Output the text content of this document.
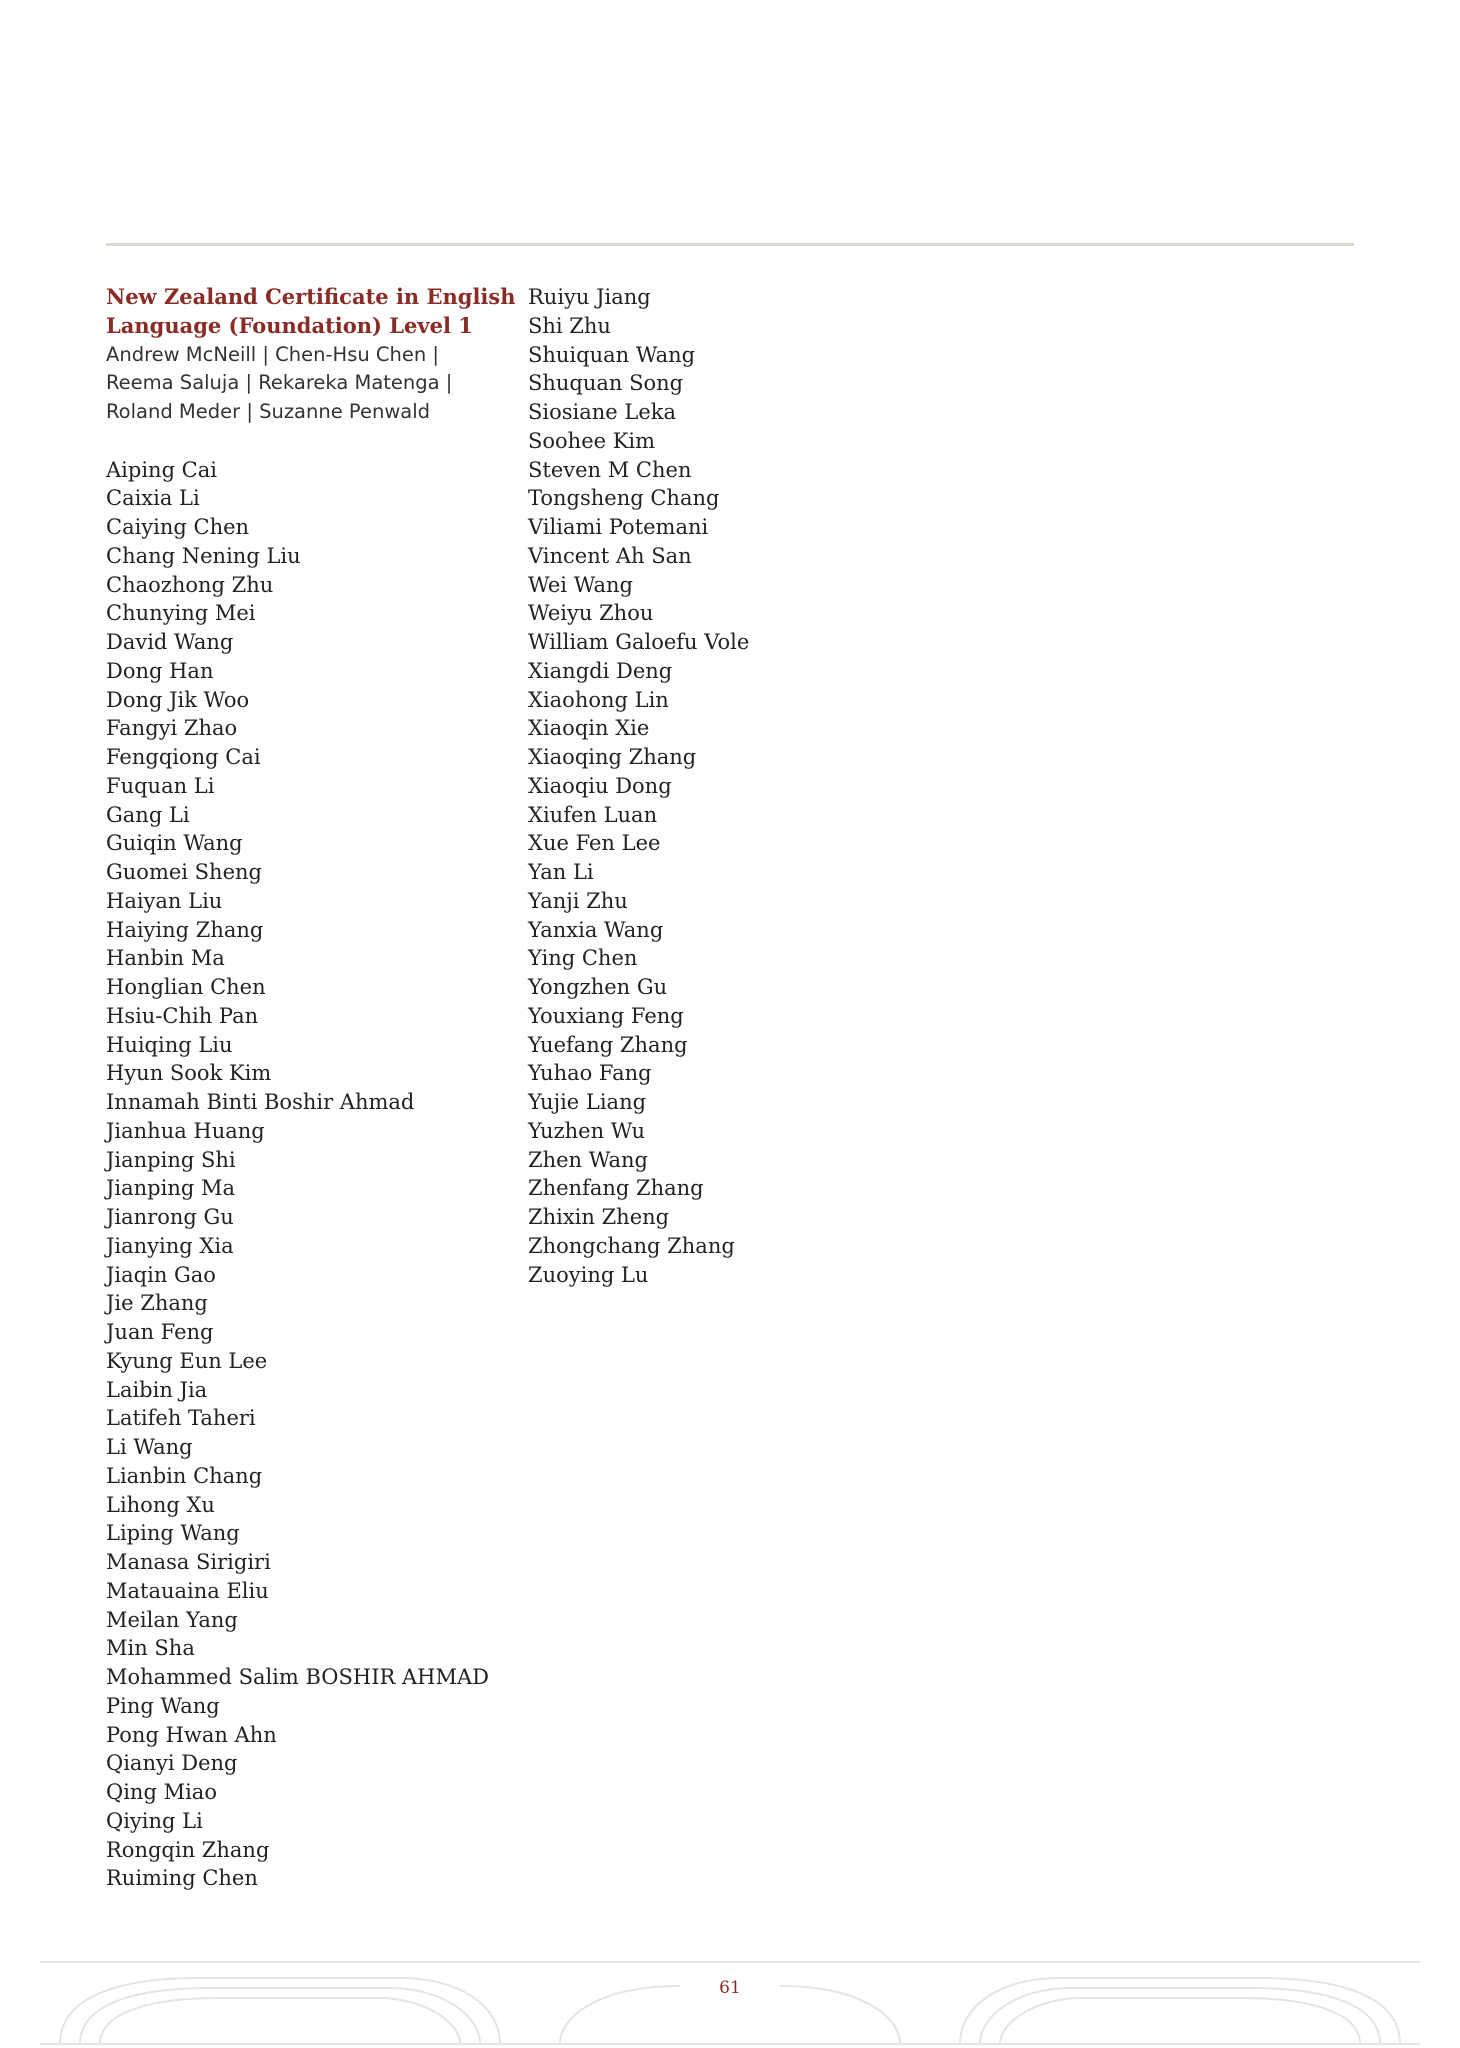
New Zealand Certificate in English
Language (Foundation) Level 1
Andrew McNeill | Chen-Hsu Chen |
Reema Saluja | Rekareka Matenga |
Roland Meder | Suzanne Penwald
Aiping Cai
Caixia Li
Caiying Chen
Chang Nening Liu
Chaozhong Zhu
Chunying Mei
David Wang
Dong Han
Dong Jik Woo
Fangyi Zhao
Fengqiong Cai
Fuquan Li
Gang Li
Guiqin Wang
Guomei Sheng
Haiyan Liu
Haiying Zhang
Hanbin Ma
Honglian Chen
Hsiu-Chih Pan
Huiqing Liu
Hyun Sook Kim
Innamah Binti Boshir Ahmad
Jianhua Huang
Jianping Shi
Jianping Ma
Jianrong Gu
Jianying Xia
Jiaqin Gao
Jie Zhang
Juan Feng
Kyung Eun Lee
Laibin Jia
Latifeh Taheri
Li Wang
Lianbin Chang
Lihong Xu
Liping Wang
Manasa Sirigiri
Matauaina Eliu
Meilan Yang
Min Sha
Mohammed Salim BOSHIR AHMAD
Ping Wang
Pong Hwan Ahn
Qianyi Deng
Qing Miao
Qiying Li
Rongqin Zhang
Ruiming Chen
Ruiyu Jiang
Shi Zhu
Shuiquan Wang
Shuquan Song
Siosiane Leka
Soohee Kim
Steven M Chen
Tongsheng Chang
Viliami Potemani
Vincent Ah San
Wei Wang
Weiyu Zhou
William Galoefu Vole
Xiangdi Deng
Xiaohong Lin
Xiaoqin Xie
Xiaoqing Zhang
Xiaoqiu Dong
Xiufen Luan
Xue Fen Lee
Yan Li
Yanji Zhu
Yanxia Wang
Ying Chen
Yongzhen Gu
Youxiang Feng
Yuefang Zhang
Yuhao Fang
Yujie Liang
Yuzhen Wu
Zhen Wang
Zhenfang Zhang
Zhixin Zheng
Zhongchang Zhang
Zuoying Lu
61
